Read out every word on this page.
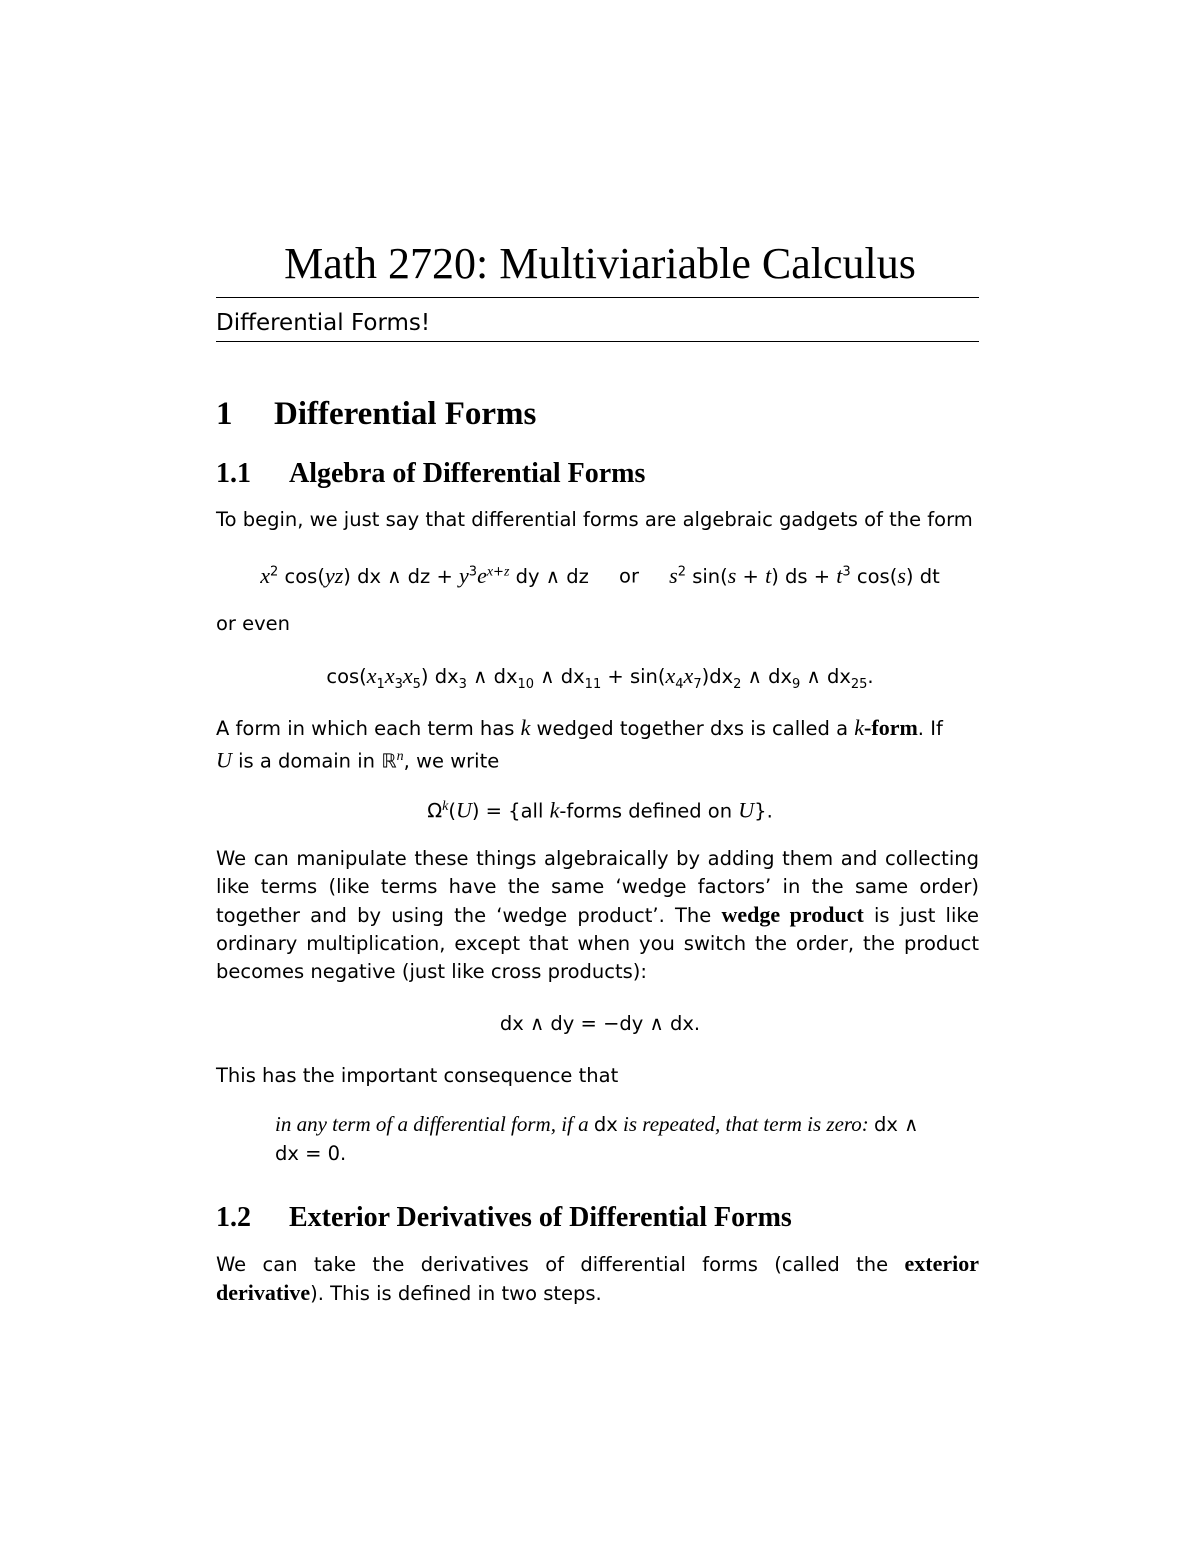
Math 2720: Multiviariable Calculus
Differential Forms!
1 Differential Forms
1.1 Algebra of Differential Forms
To begin, we just say that differential forms are algebraic gadgets of the form
$x^2$ cos(yz) dx ∧ dz + $y^3e^{x+z}$ dy ∧ dz or $s^2$ sin(s + t) ds + $t^3$ cos(s) dt
or even
$\cos(x_1x_3x_5)$ $dx_3$ ∧ $dx_{10}$ ∧ $dx_{11} + \sin(x_4x_7)dx_2$ ∧ $dx_9$ ∧ $dx_{25}$.
A form in which each term has k wedged together dxs is called a k-form. If
U is a domain in ℝ$^n$, we write
$\Omega^k(U) = \{all$ k-forms defined on U}.
We can manipulate these things algebraically by adding them and collecting like terms (like terms have the same ‘wedge factors’ in the same order) together and by using the ‘wedge product’. The wedge product is just like ordinary multiplication, except that when you switch the order, the product becomes negative (just like cross products):
dx ∧ dy = −dy ∧ dx.
This has the important consequence that
in any term of a differential form, if a dx is repeated, that term is zero: dx ∧ dx = 0.
1.2 Exterior Derivatives of Differential Forms
We can take the derivatives of differential forms (called the exterior derivative). This is defined in two steps.
